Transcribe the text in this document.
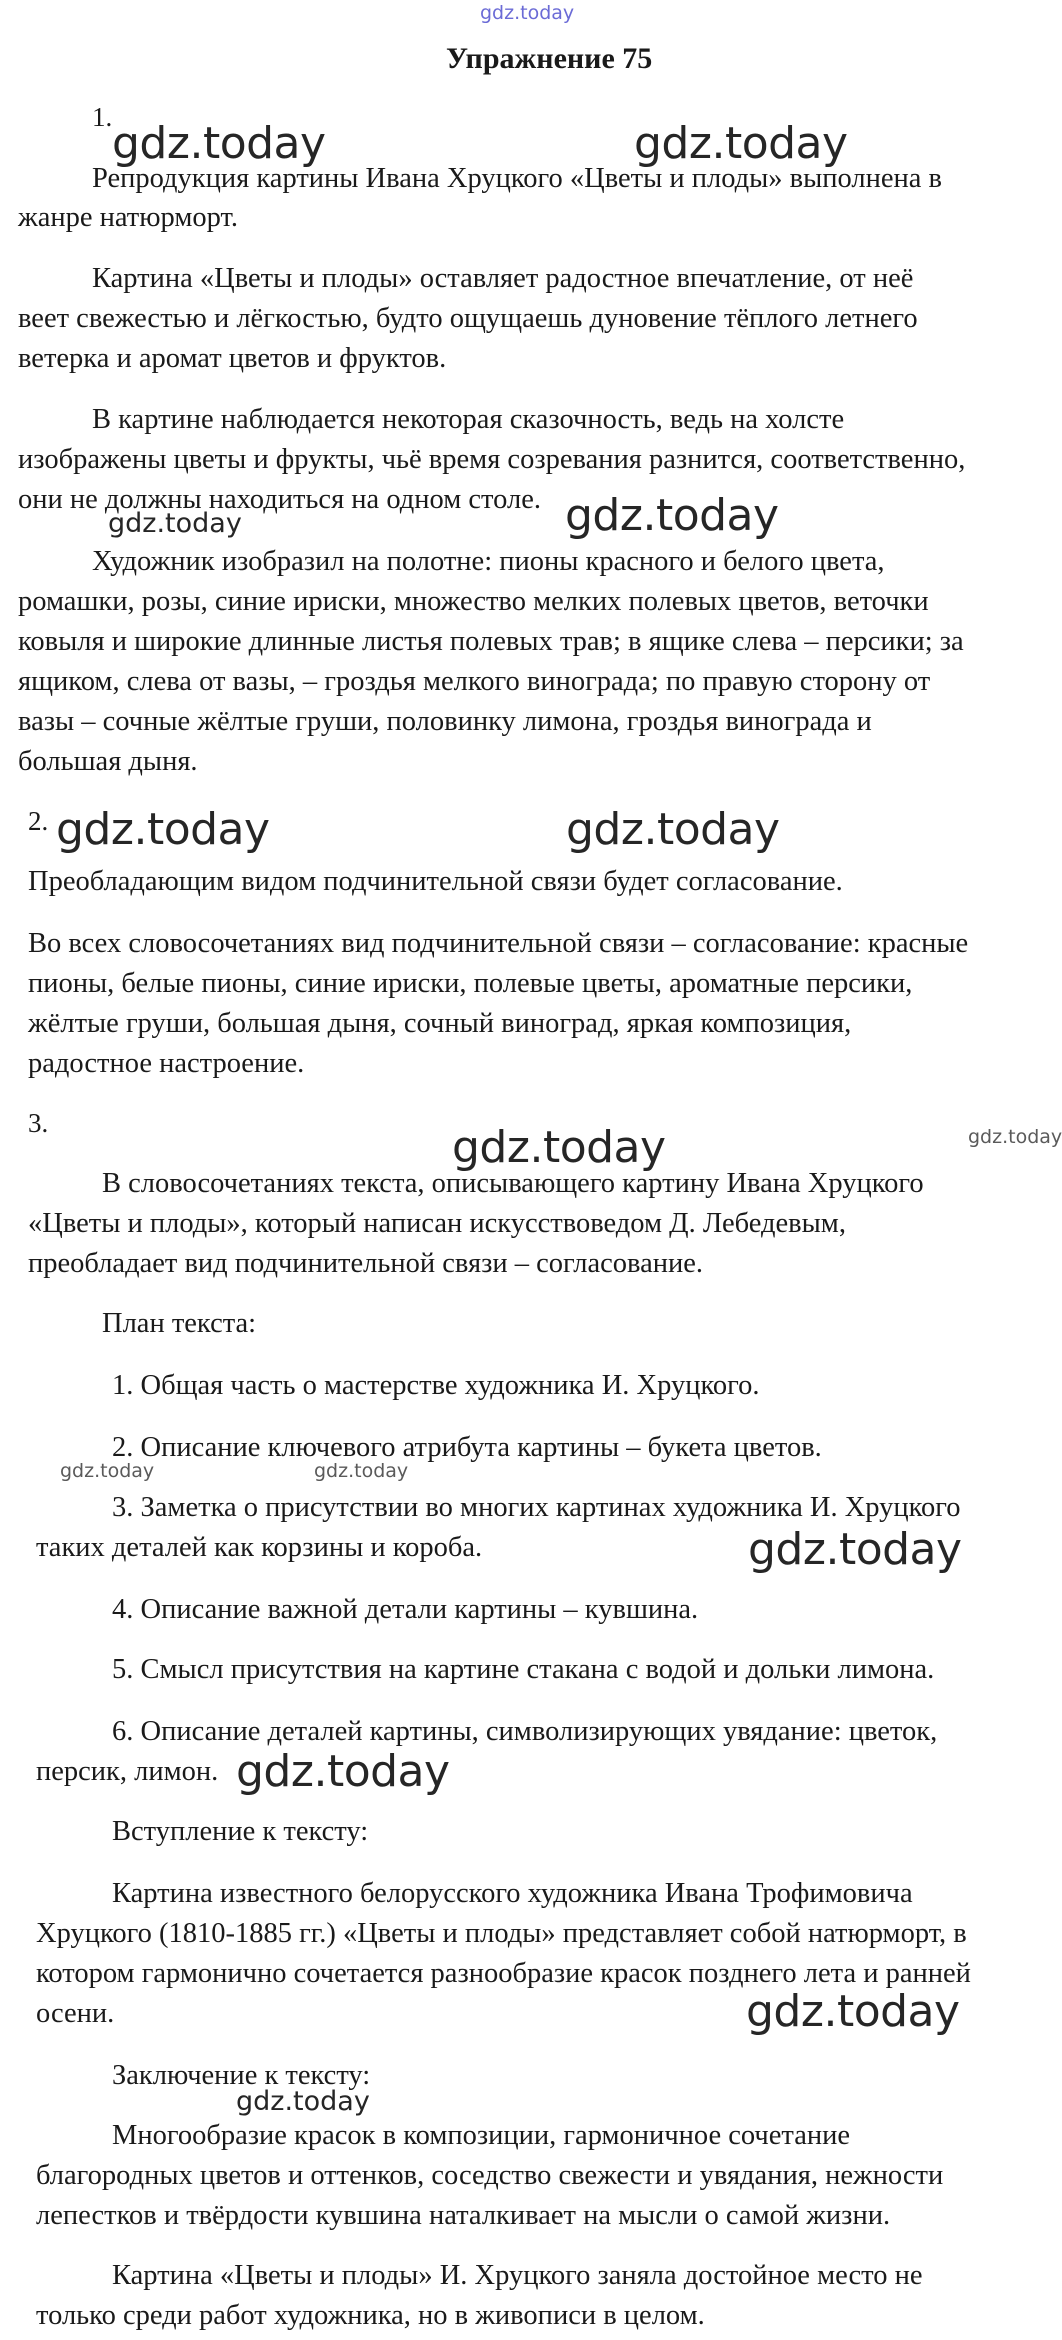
gdz.today
Упражнение 75
1.
Репродукция картины Ивана Хруцкого «Цветы и плоды» выполнена в
жанре натюрморт.
Картина «Цветы и плоды» оставляет радостное впечатление, от неё
веет свежестью и лёгкостью, будто ощущаешь дуновение тёплого летнего
ветерка и аромат цветов и фруктов.
В картине наблюдается некоторая сказочность, ведь на холсте
изображены цветы и фрукты, чьё время созревания разнится, соответственно,
они не должны находиться на одном столе.
Художник изобразил на полотне: пионы красного и белого цвета,
ромашки, розы, синие ириски, множество мелких полевых цветов, веточки
ковыля и широкие длинные листья полевых трав; в ящике слева – персики; за
ящиком, слева от вазы, – гроздья мелкого винограда; по правую сторону от
вазы – сочные жёлтые груши, половинку лимона, гроздья винограда и
большая дыня.
2.
Преобладающим видом подчинительной связи будет согласование.
Во всех словосочетаниях вид подчинительной связи – согласование: красные
пионы, белые пионы, синие ириски, полевые цветы, ароматные персики,
жёлтые груши, большая дыня, сочный виноград, яркая композиция,
радостное настроение.
3.
В словосочетаниях текста, описывающего картину Ивана Хруцкого
«Цветы и плоды», который написан искусствоведом Д. Лебедевым,
преобладает вид подчинительной связи – согласование.
План текста:
1. Общая часть о мастерстве художника И. Хруцкого.
2. Описание ключевого атрибута картины – букета цветов.
3. Заметка о присутствии во многих картинах художника И. Хруцкого
таких деталей как корзины и короба.
4. Описание важной детали картины – кувшина.
5. Смысл присутствия на картине стакана с водой и дольки лимона.
6. Описание деталей картины, символизирующих увядание: цветок,
персик, лимон.
Вступление к тексту:
Картина известного белорусского художника Ивана Трофимовича
Хруцкого (1810-1885 гг.) «Цветы и плоды» представляет собой натюрморт, в
котором гармонично сочетается разнообразие красок позднего лета и ранней
осени.
Заключение к тексту:
Многообразие красок в композиции, гармоничное сочетание
благородных цветов и оттенков, соседство свежести и увядания, нежности
лепестков и твёрдости кувшина наталкивает на мысли о самой жизни.
Картина «Цветы и плоды» И. Хруцкого заняла достойное место не
только среди работ художника, но в живописи в целом.
gdz.today	gdz.today
gdz.today	gdz.today
gdz.today	gdz.today
gdz.today	gdz.today
gdz.today	gdz.today
gdz.today
gdz.today
gdz.today
gdz.today
